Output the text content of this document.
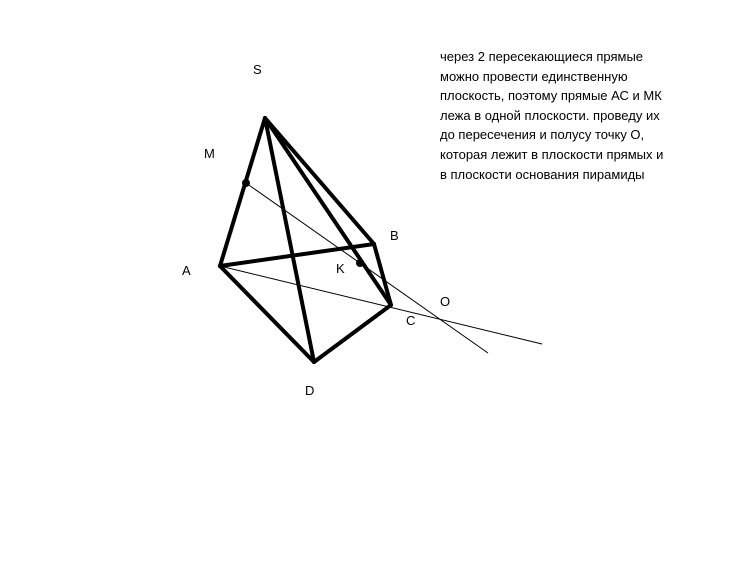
S
M
A
B
K
C
O
D
через 2 пересекающиеся прямые
можно провести единственную
плоскость, поэтому прямые АС и МК
лежа в одной плоскости. проведу их
до пересечения и полусу точку О,
которая лежит в плоскости прямых и
в плоскости основания пирамиды
